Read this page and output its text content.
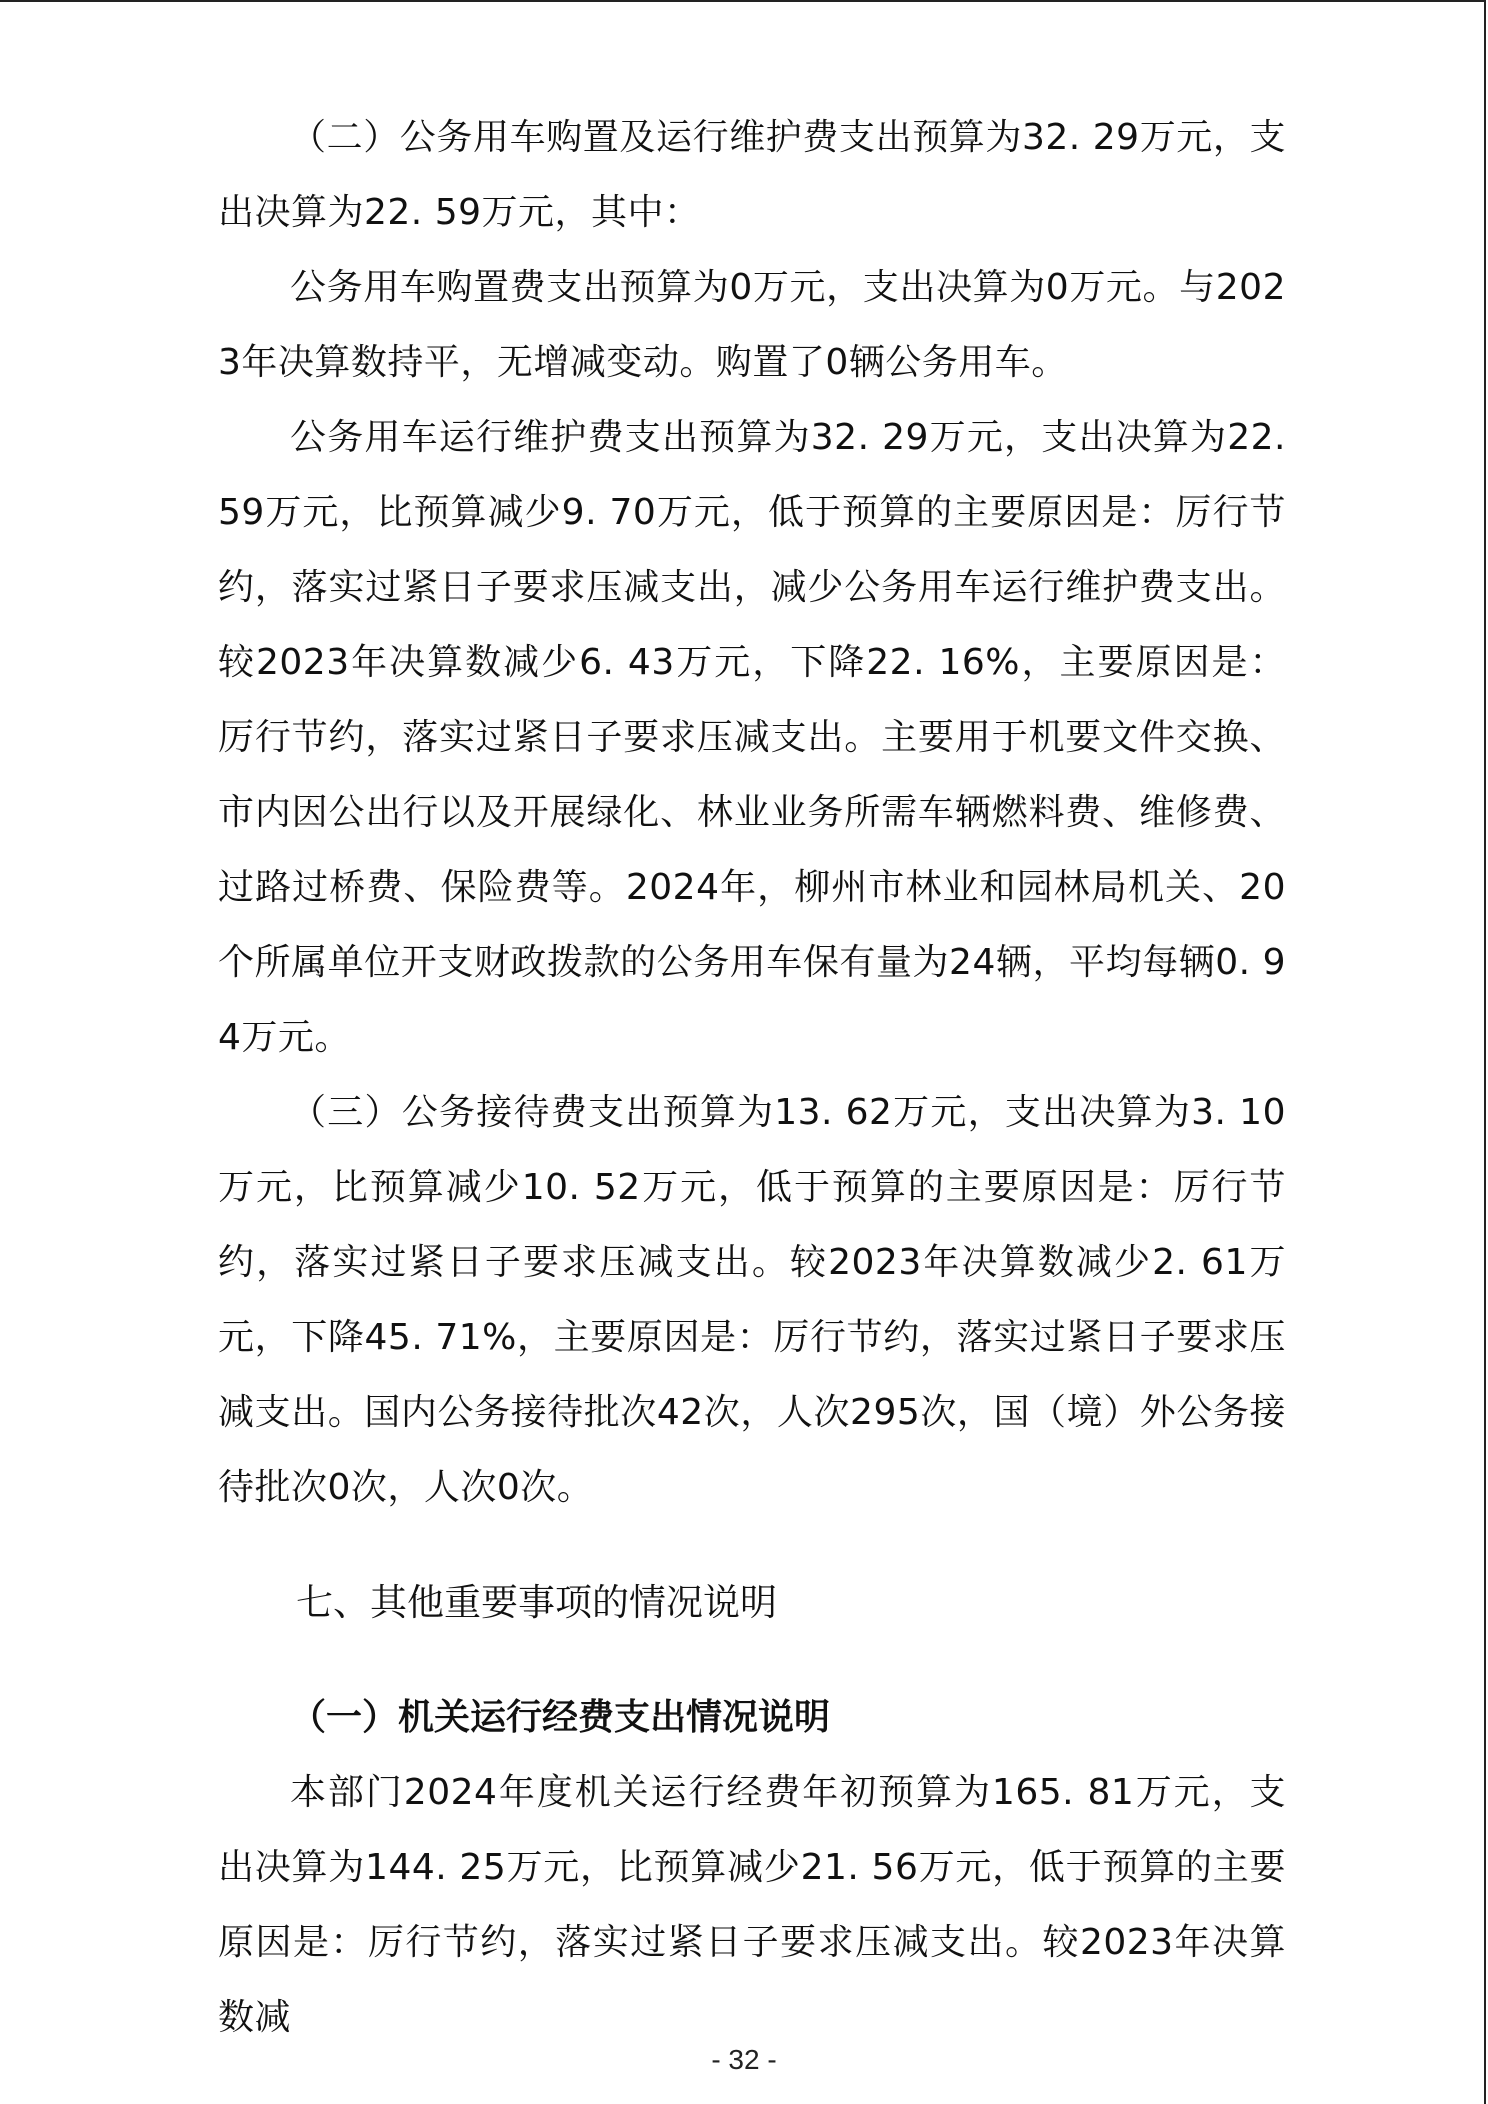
（二）公务用车购置及运行维护费支出预算为32. 29万元，支出决算为22. 59万元，其中：

公务用车购置费支出预算为0万元，支出决算为0万元。与2023年决算数持平，无增减变动。购置了0辆公务用车。

公务用车运行维护费支出预算为32. 29万元，支出决算为22. 59万元，比预算减少9. 70万元，低于预算的主要原因是：厉行节约，落实过紧日子要求压减支出，减少公务用车运行维护费支出。较2023年决算数减少6. 43万元，下降22. 16%，主要原因是：厉行节约，落实过紧日子要求压减支出。主要用于机要文件交换、市内因公出行以及开展绿化、林业业务所需车辆燃料费、维修费、过路过桥费、保险费等。2024年，柳州市林业和园林局机关、20个所属单位开支财政拨款的公务用车保有量为24辆，平均每辆0. 94万元。

（三）公务接待费支出预算为13. 62万元，支出决算为3. 10万元，比预算减少10. 52万元，低于预算的主要原因是：厉行节约，落实过紧日子要求压减支出。较2023年决算数减少2. 61万元，下降45. 71%，主要原因是：厉行节约，落实过紧日子要求压减支出。国内公务接待批次42次，人次295次，国（境）外公务接待批次0次，人次0次。

七、其他重要事项的情况说明

（一）机关运行经费支出情况说明

本部门2024年度机关运行经费年初预算为165. 81万元，支出决算为144. 25万元，比预算减少21. 56万元，低于预算的主要原因是：厉行节约，落实过紧日子要求压减支出。较2023年决算数减

- 32 -
